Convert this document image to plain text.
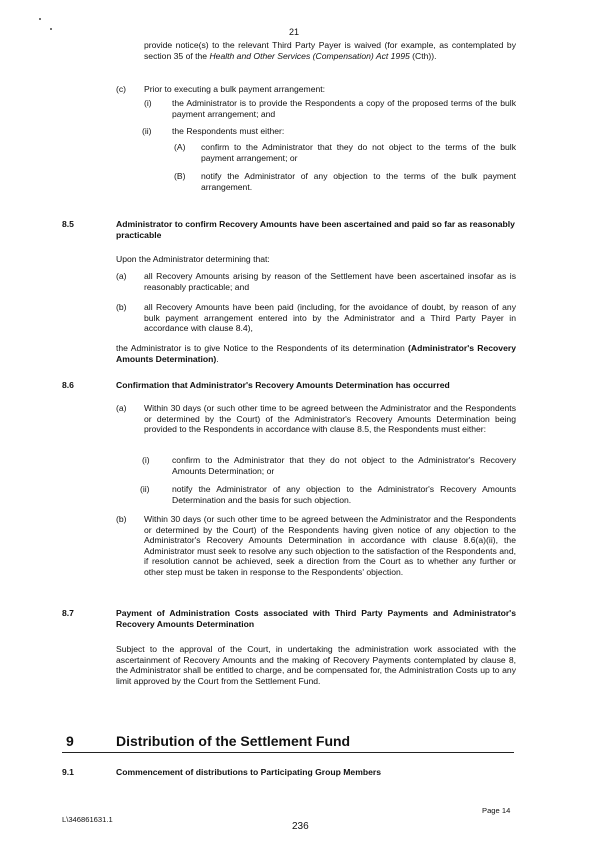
21

provide notice(s) to the relevant Third Party Payer is waived (for example, as contemplated by section 35 of the Health and Other Services (Compensation) Act 1995 (Cth)).

(c) Prior to executing a bulk payment arrangement:

(i) the Administrator is to provide the Respondents a copy of the proposed terms of the bulk payment arrangement; and

(ii) the Respondents must either:

(A) confirm to the Administrator that they do not object to the terms of the bulk payment arrangement; or

(B) notify the Administrator of any objection to the terms of the bulk payment arrangement.

8.5	Administrator to confirm Recovery Amounts have been ascertained and paid so far as reasonably practicable

Upon the Administrator determining that:

(a) all Recovery Amounts arising by reason of the Settlement have been ascertained insofar as is reasonably practicable; and

(b) all Recovery Amounts have been paid (including, for the avoidance of doubt, by reason of any bulk payment arrangement entered into by the Administrator and a Third Party Payer in accordance with clause 8.4),

the Administrator is to give Notice to the Respondents of its determination (Administrator's Recovery Amounts Determination).

8.6	Confirmation that Administrator's Recovery Amounts Determination has occurred

(a) Within 30 days (or such other time to be agreed between the Administrator and the Respondents or determined by the Court) of the Administrator's Recovery Amounts Determination being provided to the Respondents in accordance with clause 8.5, the Respondents must either:

(i)	confirm to the Administrator that they do not object to the Administrator's Recovery Amounts Determination; or

(ii)	notify the Administrator of any objection to the Administrator's Recovery Amounts Determination and the basis for such objection.

(b) Within 30 days (or such other time to be agreed between the Administrator and the Respondents or determined by the Court) of the Respondents having given notice of any objection to the Administrator's Recovery Amounts Determination in accordance with clause 8.6(a)(ii), the Administrator must seek to resolve any such objection to the satisfaction of the Respondents and, if resolution cannot be achieved, seek a direction from the Court as to whether any further or other step must be taken in response to the Respondents' objection.

8.7	Payment of Administration Costs associated with Third Party Payments and Administrator's Recovery Amounts Determination

Subject to the approval of the Court, in undertaking the administration work associated with the ascertainment of Recovery Amounts and the making of Recovery Payments contemplated by clause 8, the Administrator shall be entitled to charge, and be compensated for, the Administration Costs up to any limit approved by the Court from the Settlement Fund.

9	Distribution of the Settlement Fund
9.1	Commencement of distributions to Participating Group Members

Page 14
L\346861631.1
236
